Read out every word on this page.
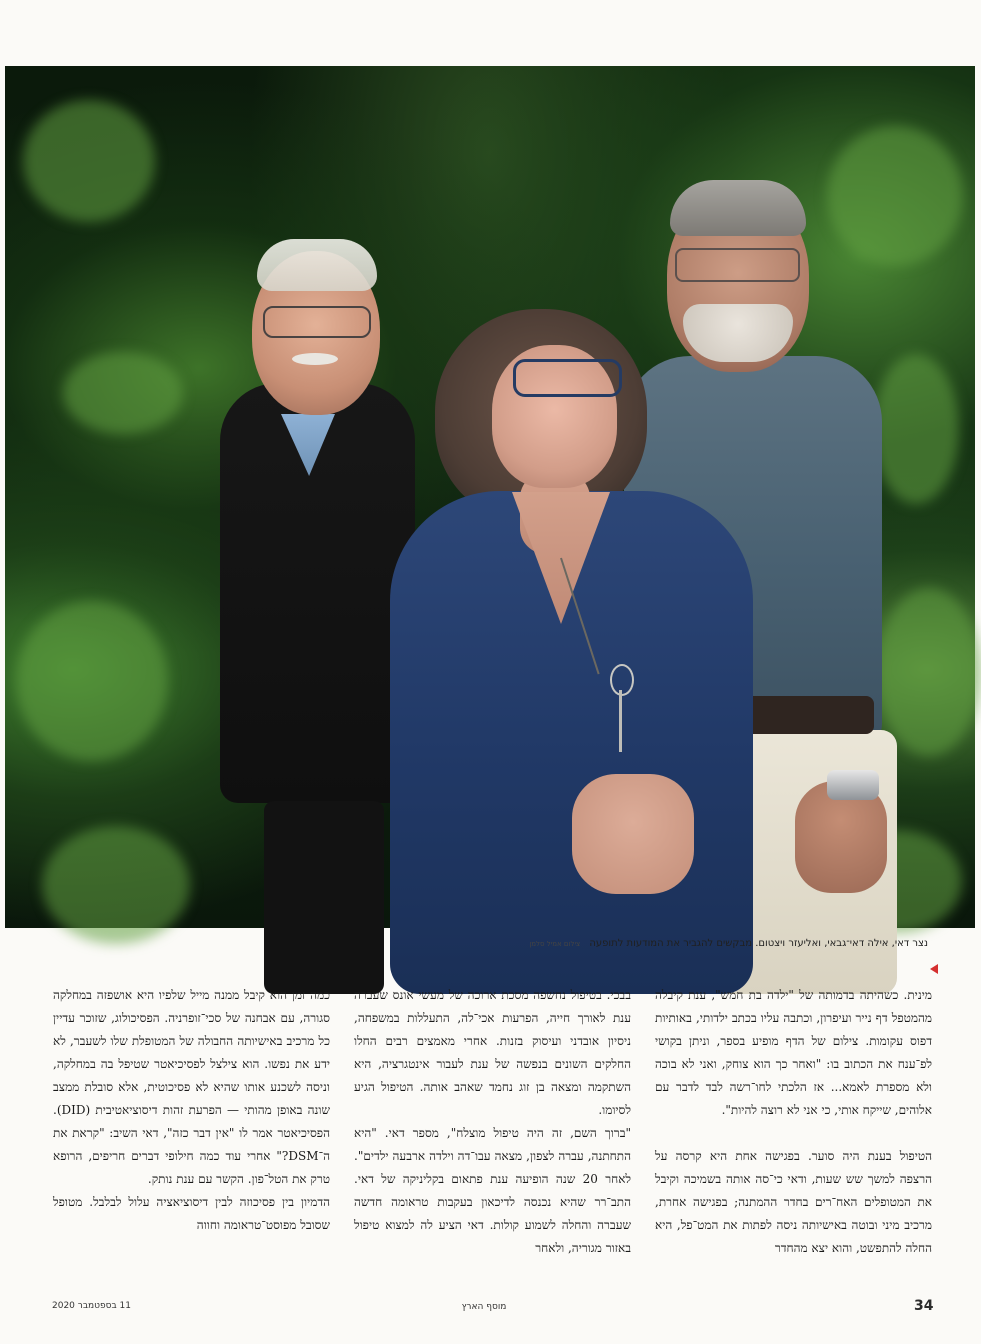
נצר דאי, אילה דאי־גבאי, ואליעזר ויצטום. מבקשים להגביר את המודעות לתופעה צילום אמיל סלמן
מינית. כשהיתה בדמותה של "ילדה בת חמש", ענת קיבלה מהמטפל דף נייר ועיפרון, וכתבה עליו בכתב ילדותי, באותיות דפוס עקומות. צילום של הדף מופיע בספר, וניתן בקושי לפ־ענח את הכתוב בו: "ואחר כך הוא צוחק, ואני לא בוכה ולא מספרת לאמא... אז הלכתי לחו־רשה לבד לדבר עם אלוהים, שייקח אותי, כי אני לא רוצה להיות".

הטיפול בענת היה סוער. בפגישה אחת היא קרסה על הרצפה למשך שש שעות, ודאי כי־סה אותה בשמיכה וקיבל את המטופלים האח־רים בחדר ההמתנה; בפגישה אחרת, מרכיב מיני ובוטה באישיותה ניסה לפתות את המט־פל, היא החלה להתפשט, והוא יצא מהחדר
בבכי. בטיפול נחשפה מסכת ארוכה של מעשי אונס שעברה ענת לאורך חייה, הפרעות אכי־לה, התעללות במשפחה, ניסיון אובדני ועיסוק בזנות. אחרי מאמצים רבים החלו החלקים השונים בנפשה של ענת לעבור אינטגרציה, היא השתקמה ומצאה בן זוג נחמד שאהב אותה. הטיפול הגיע לסיומו.
"ברוך השם, זה היה טיפול מוצלח", מספר דאי. "היא התחתנה, עברה לצפון, מצאה עבו־דה וילדה ארבעה ילדים". לאחר 20 שנה הופיעה ענת פתאום בקליניקה של דאי. התב־רר שהיא נכנסה לדיכאון בעקבות טראומה חדשה שעברה והחלה לשמוע קולות. דאי הציע לה למצוא טיפול באזור מגוריה, ולאחר
כמה זמן הוא קיבל ממנה מייל שלפיו היא אושפזה במחלקה סגורה, עם אבחנה של סכי־זופרניה. הפסיכולוג, שזוכר עדיין כל מרכיב באישיותה החבולה של המטופלת שלו לשעבר, לא ידע את נפשו. הוא צילצל לפסיכיאטר שטיפל בה במחלקה, וניסה לשכנע אותו שהיא לא פסיכוטית, אלא סובלת ממצב שונה באופן מהותי — הפרעת זהות דיסוציאטיבית (DID). הפסיכיאטר אמר לו "אין דבר כזה", דאי השיב: "קראת את ה־DSM?" אחרי עוד כמה חילופי דברים חריפים, הרופא טרק את הטל־פון. הקשר עם ענת נותק.
הדמיון בין פסיכוזה לבין דיסוציאציה עלול לבלבל. מטופל שסובל מפוסט־טראומה וחווה
34
מוסף הארץ
11 בספטמבר 2020
